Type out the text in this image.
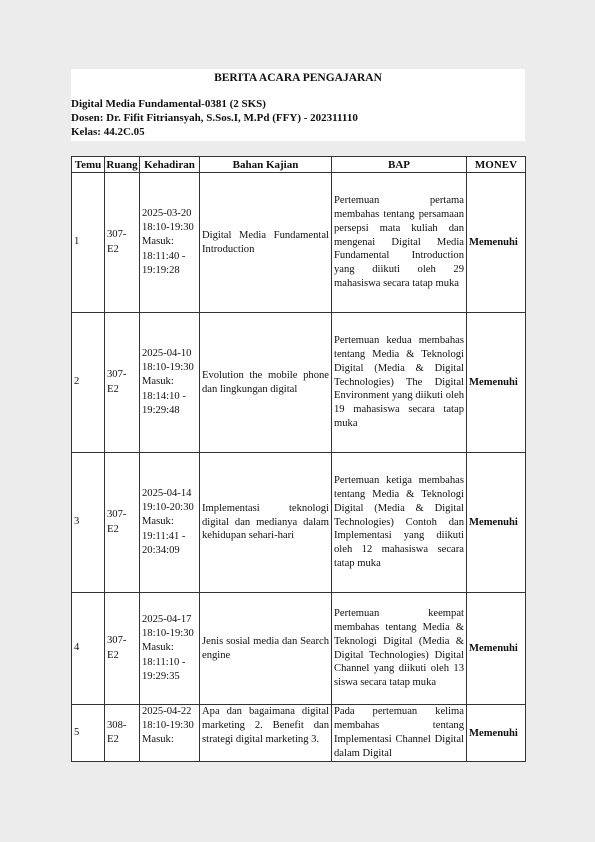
BERITA ACARA PENGAJARAN
Digital Media Fundamental-0381 (2 SKS)
Dosen: Dr. Fifit Fitriansyah, S.Sos.I, M.Pd (FFY) - 202311110
Kelas: 44.2C.05
Temu	Ruang	Kehadiran	Bahan Kajian	BAP	MONEV
1	307-E2	2025-03-20 18:10-19:30 Masuk: 18:11:40 - 19:19:28	Digital Media Fundamental Introduction	Pertemuan pertama membahas tentang persamaan persepsi mata kuliah dan mengenai Digital Media Fundamental Introduction yang diikuti oleh 29 mahasiswa secara tatap muka	Memenuhi
2	307-E2	2025-04-10 18:10-19:30 Masuk: 18:14:10 - 19:29:48	Evolution the mobile phone dan lingkungan digital	Pertemuan kedua membahas tentang Media & Teknologi Digital (Media & Digital Technologies) The Digital Environment yang diikuti oleh 19 mahasiswa secara tatap muka	Memenuhi
3	307-E2	2025-04-14 19:10-20:30 Masuk: 19:11:41 - 20:34:09	Implementasi teknologi digital dan medianya dalam kehidupan sehari-hari	Pertemuan ketiga membahas tentang Media & Teknologi Digital (Media & Digital Technologies) Contoh dan Implementasi yang diikuti oleh 12 mahasiswa secara tatap muka	Memenuhi
4	307-E2	2025-04-17 18:10-19:30 Masuk: 18:11:10 - 19:29:35	Jenis sosial media dan Search engine	Pertemuan keempat membahas tentang Media & Teknologi Digital (Media & Digital Technologies) Digital Channel yang diikuti oleh 13 siswa secara tatap muka	Memenuhi

5	308-E2	2025-04-22 18:10-19:30 Masuk:	Apa dan bagaimana digital marketing 2. Benefit dan strategi digital marketing 3.	Pada pertemuan kelima membahas tentang Implementasi Channel Digital dalam Digital	Memenuhi
